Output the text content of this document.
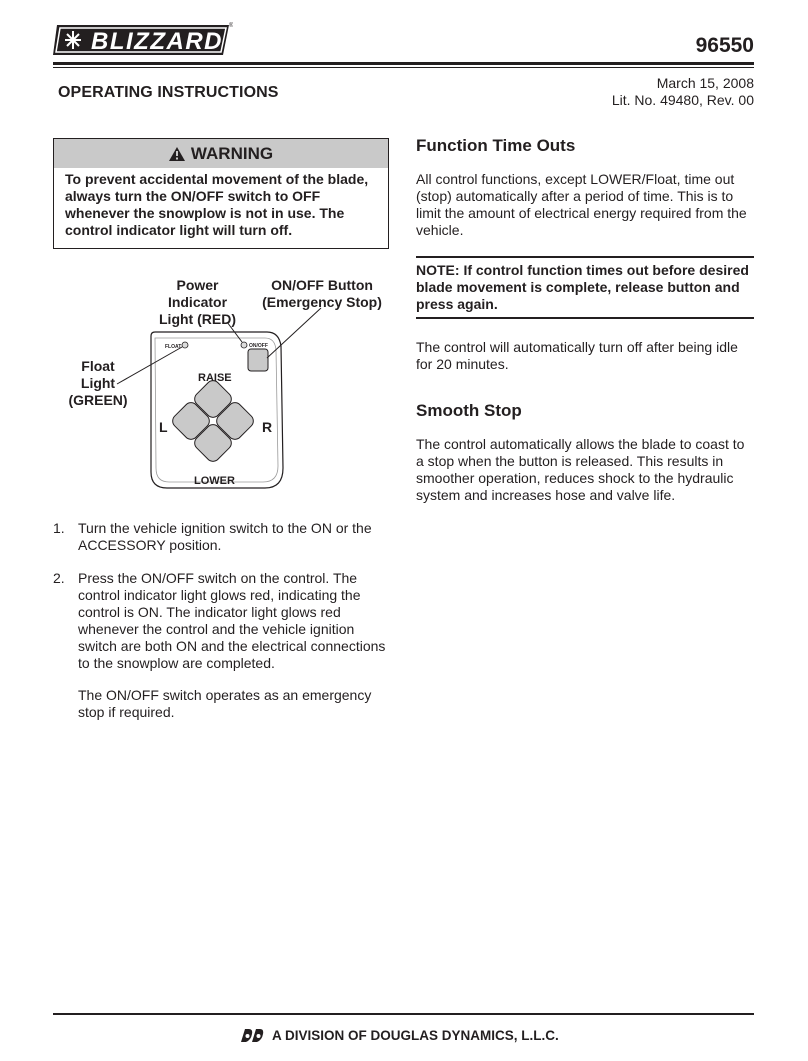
BLIZZARD
®
96550
OPERATING INSTRUCTIONS
March 15, 2008
Lit. No. 49480, Rev. 00
WARNING
To prevent accidental movement of the blade, always turn the ON/OFF switch to OFF whenever the snowplow is not in use. The control indicator light will turn off.
FLOAT	ON/OFF
RAISE
LOWER
L	R
Power
Indicator
Light (RED)
ON/OFF Button
(Emergency Stop)
Float
Light
(GREEN)
1. Turn the vehicle ignition switch to the ON or the ACCESSORY position.
2. Press the ON/OFF switch on the control. The control indicator light glows red, indicating the control is ON. The indicator light glows red whenever the control and the vehicle ignition switch are both ON and the electrical connections to the snowplow are completed.
The ON/OFF switch operates as an emergency stop if required.
Function Time Outs

All control functions, except LOWER/Float, time out (stop) automatically after a period of time. This is to limit the amount of electrical energy required from the vehicle.

NOTE: If control function times out before desired blade movement is complete, release button and press again.

The control will automatically turn off after being idle for 20 minutes.

Smooth Stop

The control automatically allows the blade to coast to a stop when the button is released. This results in smoother operation, reduces shock to the hydraulic system and increases hose and valve life.

A DIVISION OF DOUGLAS DYNAMICS, L.L.C.
